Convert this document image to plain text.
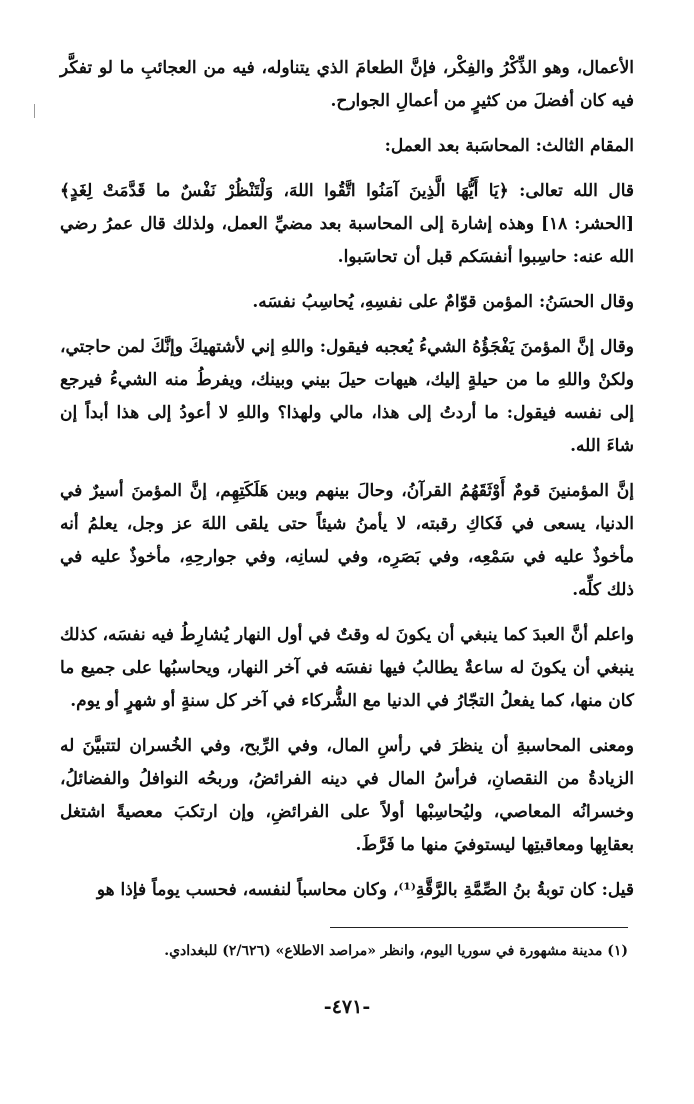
الأعمال، وهو الذِّكْرُ والفِكْر، فإنَّ الطعامَ الذي يتناوله، فيه من العجائبِ ما لو تفكَّر فيه كان أفضلَ من كثيرٍ من أعمالِ الجوارح.

المقام الثالث: المحاسَبة بعد العمل:

قال الله تعالى: ﴿يَا أَيُّهَا الَّذِينَ آمَنُوا اتَّقُوا اللهَ، وَلْتَنْظُرْ نَفْسٌ ما قَدَّمَتْ لِغَدٍ﴾ [الحشر: ١٨] وهذه إشارة إلى المحاسبة بعد مضيِّ العمل، ولذلك قال عمرُ رضي الله عنه: حاسِبوا أنفسَكم قبل أن تحاسَبوا.

وقال الحسَنُ: المؤمن قوّامٌ على نفسِهِ، يُحاسِبُ نفسَه.

وقال إنَّ المؤمنَ يَفْجَؤُهُ الشيءُ يُعجبه فيقول: واللهِ إني لأشتهيكَ وإنَّكَ لمن حاجتي، ولكنْ واللهِ ما من حيلةٍ إليك، هيهات حيلَ بيني وبينك، ويفرطُ منه الشيءُ فيرجع إلى نفسه فيقول: ما أردتُ إلى هذا، مالي ولهذا؟ واللهِ لا أعودُ إلى هذا أبداً إن شاءَ الله.

إنَّ المؤمنينَ قومٌ أَوْثَقَهُمُ القرآنُ، وحالَ بينهم وبين هَلَكَتِهِم، إنَّ المؤمنَ أسيرٌ في الدنيا، يسعى في فَكاكِ رقبته، لا يأمنُ شيئاً حتى يلقى اللهَ عز وجل، يعلمُ أنه مأخوذٌ عليه في سَمْعِه، وفي بَصَرِه، وفي لسانِه، وفي جوارحِهِ، مأخوذٌ عليه في ذلك كلِّه.

واعلم أنَّ العبدَ كما ينبغي أن يكونَ له وقتٌ في أول النهار يُشارِطُ فيه نفسَه، كذلك ينبغي أن يكونَ له ساعةٌ يطالبُ فيها نفسَه في آخر النهار، ويحاسبُها على جميع ما كان منها، كما يفعلُ التجّارُ في الدنيا مع الشُّركاء في آخر كل سنةٍ أو شهرٍ أو يوم.

ومعنى المحاسبةِ أن ينظرَ في رأسِ المال، وفي الرِّبح، وفي الخُسران لتتبيَّنَ له الزيادةُ من النقصانِ، فرأسُ المال في دينه الفرائضُ، وربحُه النوافلُ والفضائلُ، وخسرانُه المعاصي، وليُحاسِبْها أولاً على الفرائضِ، وإن ارتكبَ معصيةً اشتغل بعقابِها ومعاقبتِها ليستوفيَ منها ما فَرَّطَ.

قيل: كان توبةُ بنُ الصِّمَّةِ بالرَّقَّةِ⁽¹⁾، وكان محاسباً لنفسه، فحسب يوماً فإذا هو

(١) مدينة مشهورة في سوريا اليوم، وانظر «مراصد الاطلاع» (٢/٦٢٦) للبغدادي.
-٤٧١-
